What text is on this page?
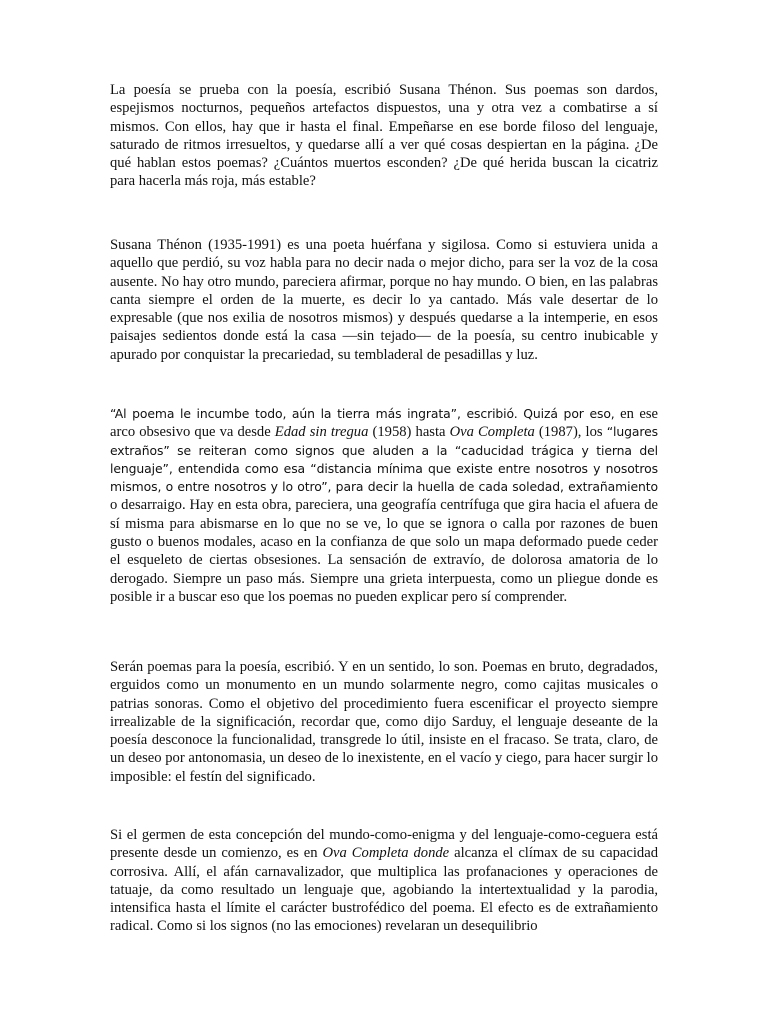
La poesía se prueba con la poesía, escribió Susana Thénon. Sus poemas son dardos, espejismos nocturnos, pequeños artefactos dispuestos, una y otra vez a combatirse a sí mismos. Con ellos, hay que ir hasta el final. Empeñarse en ese borde filoso del lenguaje, saturado de ritmos irresueltos, y quedarse allí a ver qué cosas despiertan en la página. ¿De qué hablan estos poemas? ¿Cuántos muertos esconden? ¿De qué herida buscan la cicatriz para hacerla más roja, más estable?

Susana Thénon (1935-1991) es una poeta huérfana y sigilosa. Como si estuviera unida a aquello que perdió, su voz habla para no decir nada o mejor dicho, para ser la voz de la cosa ausente. No hay otro mundo, pareciera afirmar, porque no hay mundo. O bien, en las palabras canta siempre el orden de la muerte, es decir lo ya cantado. Más vale desertar de lo expresable (que nos exilia de nosotros mismos) y después quedarse a la intemperie, en esos paisajes sedientos donde está la casa —sin tejado— de la poesía, su centro inubicable y apurado por conquistar la precariedad, su tembladeral de pesadillas y luz.

“Al poema le incumbe todo, aún la tierra más ingrata”, escribió. Quizá por eso, en ese arco obsesivo que va desde Edad sin tregua (1958) hasta Ova Completa (1987), los “lugares extraños” se reiteran como signos que aluden a la “caducidad trágica y tierna del lenguaje”, entendida como esa “distancia mínima que existe entre nosotros y nosotros mismos, o entre nosotros y lo otro”, para decir la huella de cada soledad, extrañamiento o desarraigo. Hay en esta obra, pareciera, una geografía centrífuga que gira hacia el afuera de sí misma para abismarse en lo que no se ve, lo que se ignora o calla por razones de buen gusto o buenos modales, acaso en la confianza de que solo un mapa deformado puede ceder el esqueleto de ciertas obsesiones. La sensación de extravío, de dolorosa amatoria de lo derogado. Siempre un paso más. Siempre una grieta interpuesta, como un pliegue donde es posible ir a buscar eso que los poemas no pueden explicar pero sí comprender.

Serán poemas para la poesía, escribió. Y en un sentido, lo son. Poemas en bruto, degradados, erguidos como un monumento en un mundo solarmente negro, como cajitas musicales o patrias sonoras. Como el objetivo del procedimiento fuera escenificar el proyecto siempre irrealizable de la significación, recordar que, como dijo Sarduy, el lenguaje deseante de la poesía desconoce la funcionalidad, transgrede lo útil, insiste en el fracaso. Se trata, claro, de un deseo por antonomasia, un deseo de lo inexistente, en el vacío y ciego, para hacer surgir lo imposible: el festín del significado.

Si el germen de esta concepción del mundo-como-enigma y del lenguaje-como-ceguera está presente desde un comienzo, es en Ova Completa donde alcanza el clímax de su capacidad corrosiva. Allí, el afán carnavalizador, que multiplica las profanaciones y operaciones de tatuaje, da como resultado un lenguaje que, agobiando la intertextualidad y la parodia, intensifica hasta el límite el carácter bustrofédico del poema. El efecto es de extrañamiento radical. Como si los signos (no las emociones) revelaran un desequilibrio
